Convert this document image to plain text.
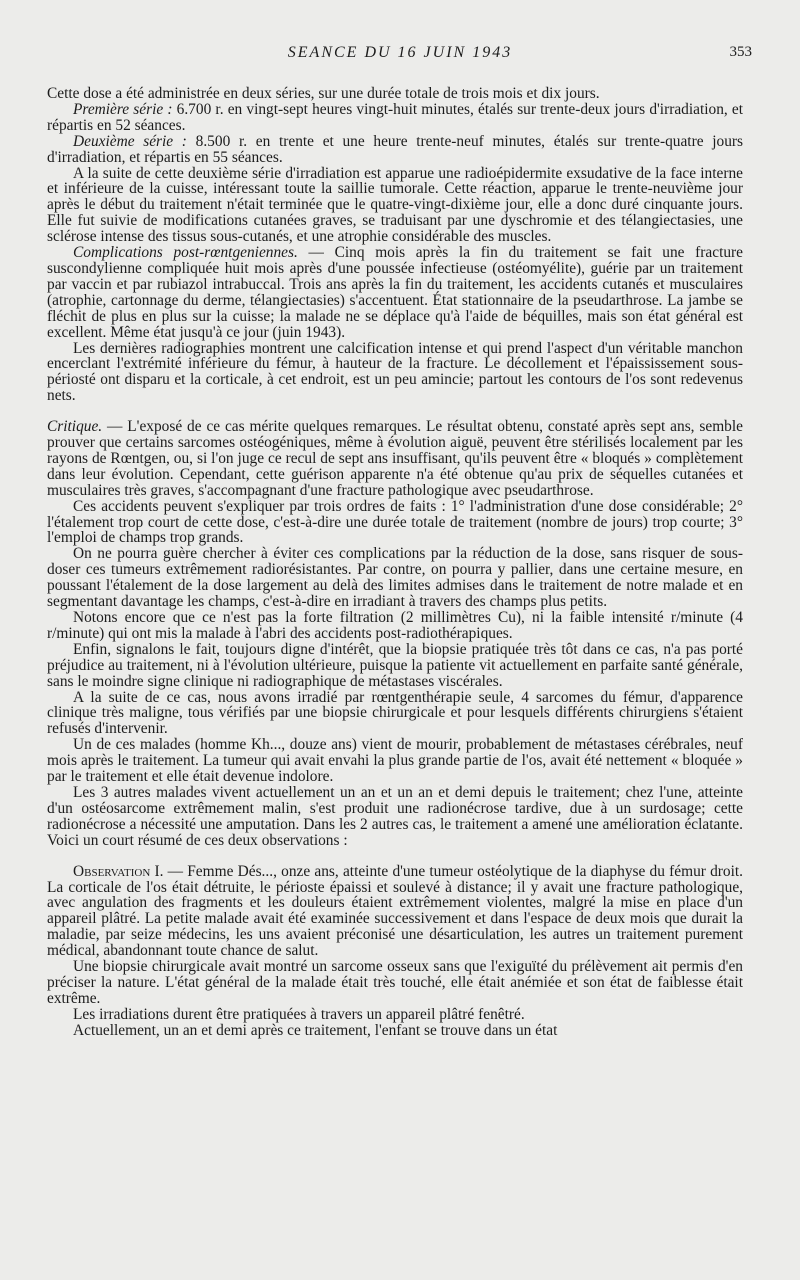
SEANCE DU 16 JUIN 1943	353

Cette dose a été administrée en deux séries, sur une durée totale de trois mois et dix jours.

Première série : 6.700 r. en vingt-sept heures vingt-huit minutes, étalés sur trente-deux jours d'irradiation, et répartis en 52 séances.

Deuxième série : 8.500 r. en trente et une heure trente-neuf minutes, étalés sur trente-quatre jours d'irradiation, et répartis en 55 séances.

A la suite de cette deuxième série d'irradiation est apparue une radioépidermite exsudative de la face interne et inférieure de la cuisse, intéressant toute la saillie tumorale. Cette réaction, apparue le trente-neuvième jour après le début du traitement n'était terminée que le quatre-vingt-dixième jour, elle a donc duré cinquante jours. Elle fut suivie de modifications cutanées graves, se traduisant par une dyschromie et des télangiectasies, une sclérose intense des tissus sous-cutanés, et une atrophie considérable des muscles.

Complications post-rœntgeniennes. — Cinq mois après la fin du traitement se fait une fracture suscondylienne compliquée huit mois après d'une poussée infectieuse (ostéomyélite), guérie par un traitement par vaccin et par rubiazol intrabuccal. Trois ans après la fin du traitement, les accidents cutanés et musculaires (atrophie, cartonnage du derme, télangiectasies) s'accentuent. État stationnaire de la pseudarthrose. La jambe se fléchit de plus en plus sur la cuisse; la malade ne se déplace qu'à l'aide de béquilles, mais son état général est excellent. Même état jusqu'à ce jour (juin 1943).

Les dernières radiographies montrent une calcification intense et qui prend l'aspect d'un véritable manchon encerclant l'extrémité inférieure du fémur, à hauteur de la fracture. Le décollement et l'épaississement sous-périosté ont disparu et la corticale, à cet endroit, est un peu amincie; partout les contours de l'os sont redevenus nets.

Critique. — L'exposé de ce cas mérite quelques remarques. Le résultat obtenu, constaté après sept ans, semble prouver que certains sarcomes ostéogéniques, même à évolution aiguë, peuvent être stérilisés localement par les rayons de Rœntgen, ou, si l'on juge ce recul de sept ans insuffisant, qu'ils peuvent être « bloqués » complètement dans leur évolution. Cependant, cette guérison apparente n'a été obtenue qu'au prix de séquelles cutanées et musculaires très graves, s'accompagnant d'une fracture pathologique avec pseudarthrose.

Ces accidents peuvent s'expliquer par trois ordres de faits : 1° l'administration d'une dose considérable; 2° l'étalement trop court de cette dose, c'est-à-dire une durée totale de traitement (nombre de jours) trop courte; 3° l'emploi de champs trop grands.

On ne pourra guère chercher à éviter ces complications par la réduction de la dose, sans risquer de sous-doser ces tumeurs extrêmement radiorésistantes. Par contre, on pourra y pallier, dans une certaine mesure, en poussant l'étalement de la dose largement au delà des limites admises dans le traitement de notre malade et en segmentant davantage les champs, c'est-à-dire en irradiant à travers des champs plus petits.

Notons encore que ce n'est pas la forte filtration (2 millimètres Cu), ni la faible intensité r/minute (4 r/minute) qui ont mis la malade à l'abri des accidents post-radiothérapiques.

Enfin, signalons le fait, toujours digne d'intérêt, que la biopsie pratiquée très tôt dans ce cas, n'a pas porté préjudice au traitement, ni à l'évolution ultérieure, puisque la patiente vit actuellement en parfaite santé générale, sans le moindre signe clinique ni radiographique de métastases viscérales.

A la suite de ce cas, nous avons irradié par rœntgenthérapie seule, 4 sarcomes du fémur, d'apparence clinique très maligne, tous vérifiés par une biopsie chirurgicale et pour lesquels différents chirurgiens s'étaient refusés d'intervenir.

Un de ces malades (homme Kh..., douze ans) vient de mourir, probablement de métastases cérébrales, neuf mois après le traitement. La tumeur qui avait envahi la plus grande partie de l'os, avait été nettement « bloquée » par le traitement et elle était devenue indolore.

Les 3 autres malades vivent actuellement un an et un an et demi depuis le traitement; chez l'une, atteinte d'un ostéosarcome extrêmement malin, s'est produit une radionécrose tardive, due à un surdosage; cette radionécrose a nécessité une amputation. Dans les 2 autres cas, le traitement a amené une amélioration éclatante. Voici un court résumé de ces deux observations :

Observation I. — Femme Dés..., onze ans, atteinte d'une tumeur ostéolytique de la diaphyse du fémur droit. La corticale de l'os était détruite, le périoste épaissi et soulevé à distance; il y avait une fracture pathologique, avec angulation des fragments et les douleurs étaient extrêmement violentes, malgré la mise en place d'un appareil plâtré. La petite malade avait été examinée successivement et dans l'espace de deux mois que durait la maladie, par seize médecins, les uns avaient préconisé une désarticulation, les autres un traitement purement médical, abandonnant toute chance de salut.

Une biopsie chirurgicale avait montré un sarcome osseux sans que l'exiguïté du prélèvement ait permis d'en préciser la nature. L'état général de la malade était très touché, elle était anémiée et son état de faiblesse était extrême.

Les irradiations durent être pratiquées à travers un appareil plâtré fenêtré.

Actuellement, un an et demi après ce traitement, l'enfant se trouve dans un état
